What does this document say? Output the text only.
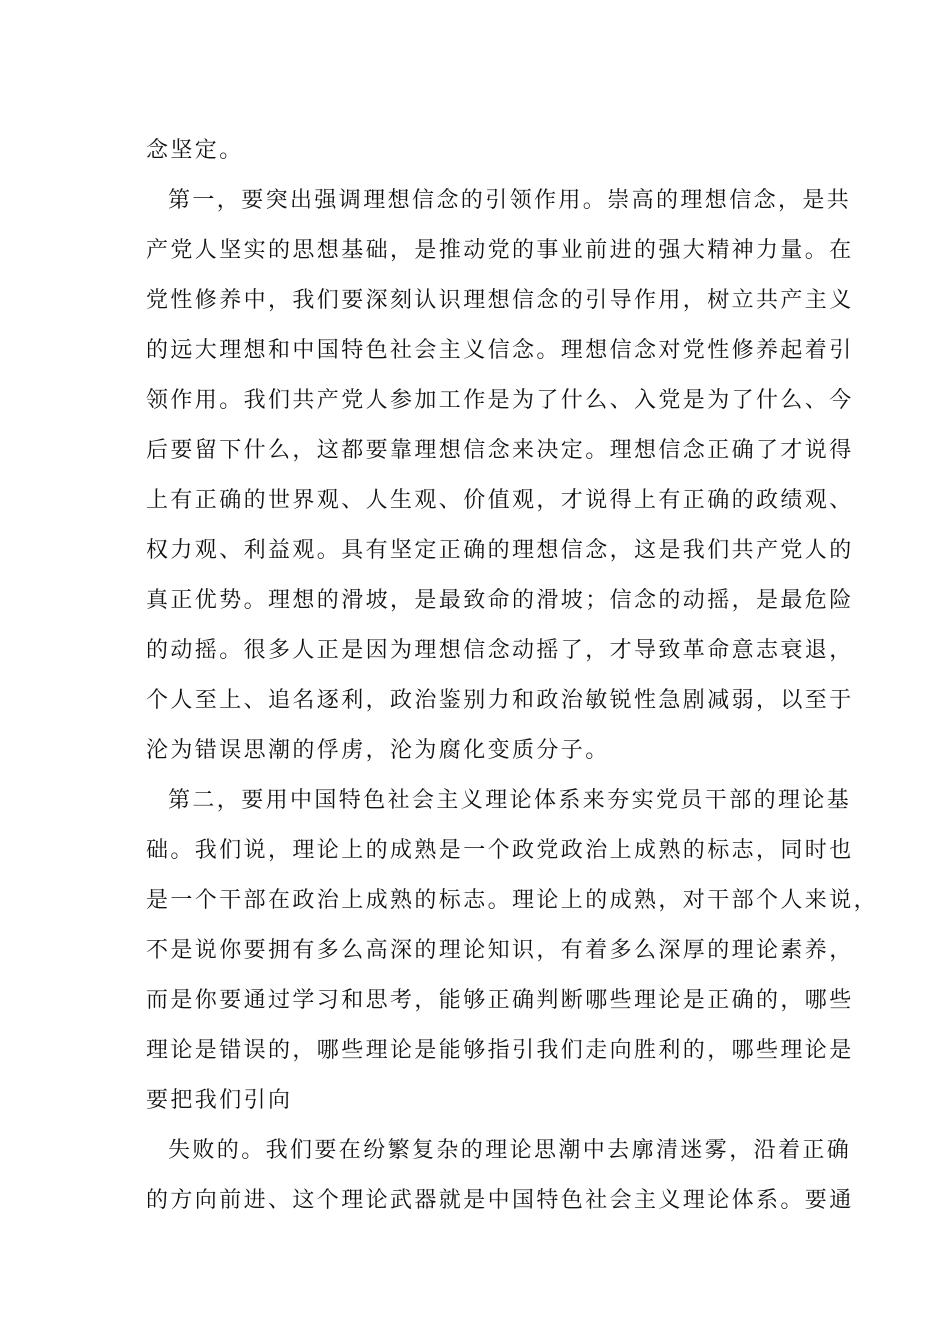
念坚定。
第一，要突出强调理想信念的引领作用。崇高的理想信念，是共
产党人坚实的思想基础，是推动党的事业前进的强大精神力量。在
党性修养中，我们要深刻认识理想信念的引导作用，树立共产主义
的远大理想和中国特色社会主义信念。理想信念对党性修养起着引
领作用。我们共产党人参加工作是为了什么、入党是为了什么、今
后要留下什么，这都要靠理想信念来决定。理想信念正确了才说得
上有正确的世界观、人生观、价值观，才说得上有正确的政绩观、
权力观、利益观。具有坚定正确的理想信念，这是我们共产党人的
真正优势。理想的滑坡，是最致命的滑坡；信念的动摇，是最危险
的动摇。很多人正是因为理想信念动摇了，才导致革命意志衰退，
个人至上、追名逐利，政治鉴别力和政治敏锐性急剧减弱，以至于
沦为错误思潮的俘虏，沦为腐化变质分子。
第二，要用中国特色社会主义理论体系来夯实党员干部的理论基
础。我们说，理论上的成熟是一个政党政治上成熟的标志，同时也
是一个干部在政治上成熟的标志。理论上的成熟，对干部个人来说，
不是说你要拥有多么高深的理论知识，有着多么深厚的理论素养，
而是你要通过学习和思考，能够正确判断哪些理论是正确的，哪些
理论是错误的，哪些理论是能够指引我们走向胜利的，哪些理论是
要把我们引向
失败的。我们要在纷繁复杂的理论思潮中去廓清迷雾，沿着正确
的方向前进、这个理论武器就是中国特色社会主义理论体系。要通
